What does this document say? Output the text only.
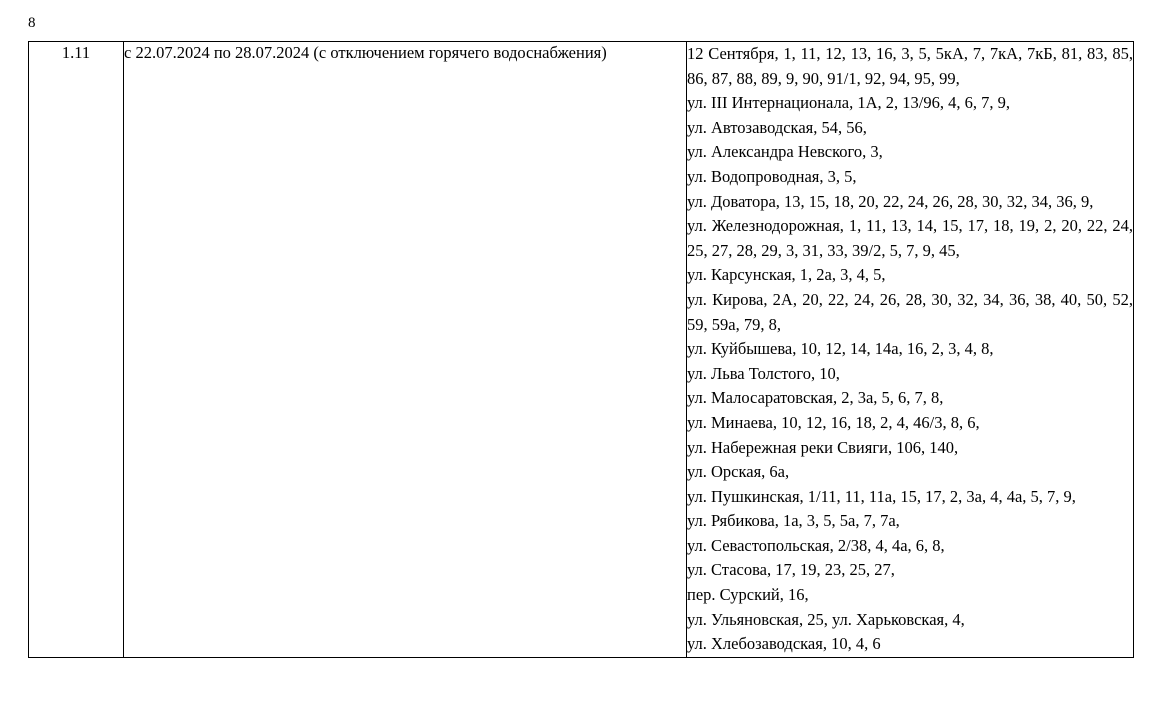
8
1.11	с 22.07.2024 по 28.07.2024 (с отключением горячего водоснабжения)	12 Сентября, 1, 11, 12, 13, 16, 3, 5, 5кА, 7, 7кА, 7кБ, 81, 83, 85, 86, 87, 88, 89, 9, 90, 91/1, 92, 94, 95, 99,
ул. III Интернационала, 1А, 2, 13/96, 4, 6, 7, 9,
ул. Автозаводская, 54, 56,
ул. Александра Невского, 3,
ул. Водопроводная, 3, 5,
ул. Доватора, 13, 15, 18, 20, 22, 24, 26, 28, 30, 32, 34, 36, 9,
ул. Железнодорожная, 1, 11, 13, 14, 15, 17, 18, 19, 2, 20, 22, 24, 25, 27, 28, 29, 3, 31, 33, 39/2, 5, 7, 9, 45,
ул. Карсунская, 1, 2а, 3, 4, 5,
ул. Кирова, 2А, 20, 22, 24, 26, 28, 30, 32, 34, 36, 38, 40, 50, 52, 59, 59а, 79, 8,
ул. Куйбышева, 10, 12, 14, 14а, 16, 2, 3, 4, 8,
ул. Льва Толстого, 10,
ул. Малосаратовская, 2, 3а, 5, 6, 7, 8,
ул. Минаева, 10, 12, 16, 18, 2, 4, 46/3, 8, 6,
ул. Набережная реки Свияги, 106, 140,
ул. Орская, 6а,
ул. Пушкинская, 1/11, 11, 11а, 15, 17, 2, 3а, 4, 4а, 5, 7, 9,
ул. Рябикова, 1а, 3, 5, 5а, 7, 7а,
ул. Севастопольская, 2/38, 4, 4а, 6, 8,
ул. Стасова, 17, 19, 23, 25, 27,
пер. Сурский, 16,
ул. Ульяновская, 25, ул. Харьковская, 4,
ул. Хлебозаводская, 10, 4, 6
